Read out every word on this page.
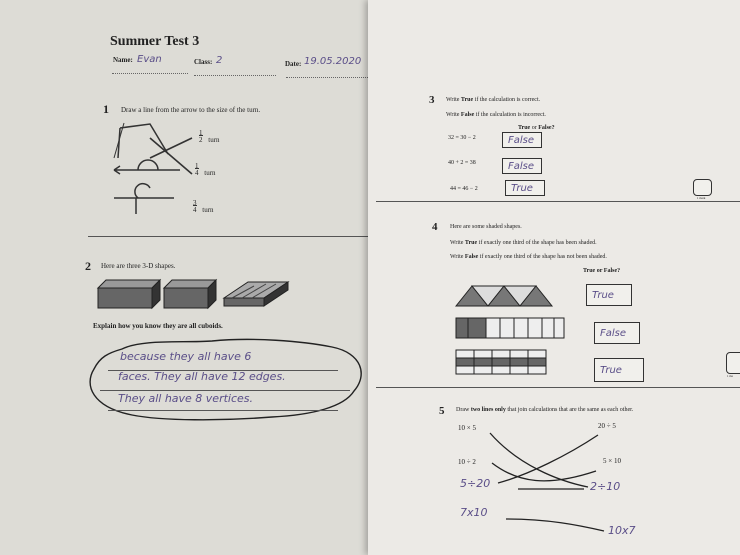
Summer Test 3
Name: Evan	Class: 2	Date: 19.05.2020
1 Draw a line from the arrow to the size of the turn.
$\frac{1}{2}$ turn
$\frac{1}{4}$ turn
$\frac{3}{4}$ turn
2 Here are three 3-D shapes.
Explain how you know they are all cuboids.
because they all have 6
faces. They all have 12 edges.
They all have 8 vertices.
3 Write True if the calculation is correct.
Write False if the calculation is incorrect.
True or False?
32 = 30 − 2	False
40 + 2 = 38	False
44 = 46 − 2	True
1 mark
4 Here are some shaded shapes.
Write True if exactly one third of the shape has been shaded.
Write False if exactly one third of the shape has not been shaded.
True or False?
True
False
True	1 ma
5 Draw two lines only that join calculations that are the same as each other.
10 × 5
10 ÷ 2
5÷20
7x10
20 ÷ 5
5 × 10
2÷10
10x7
